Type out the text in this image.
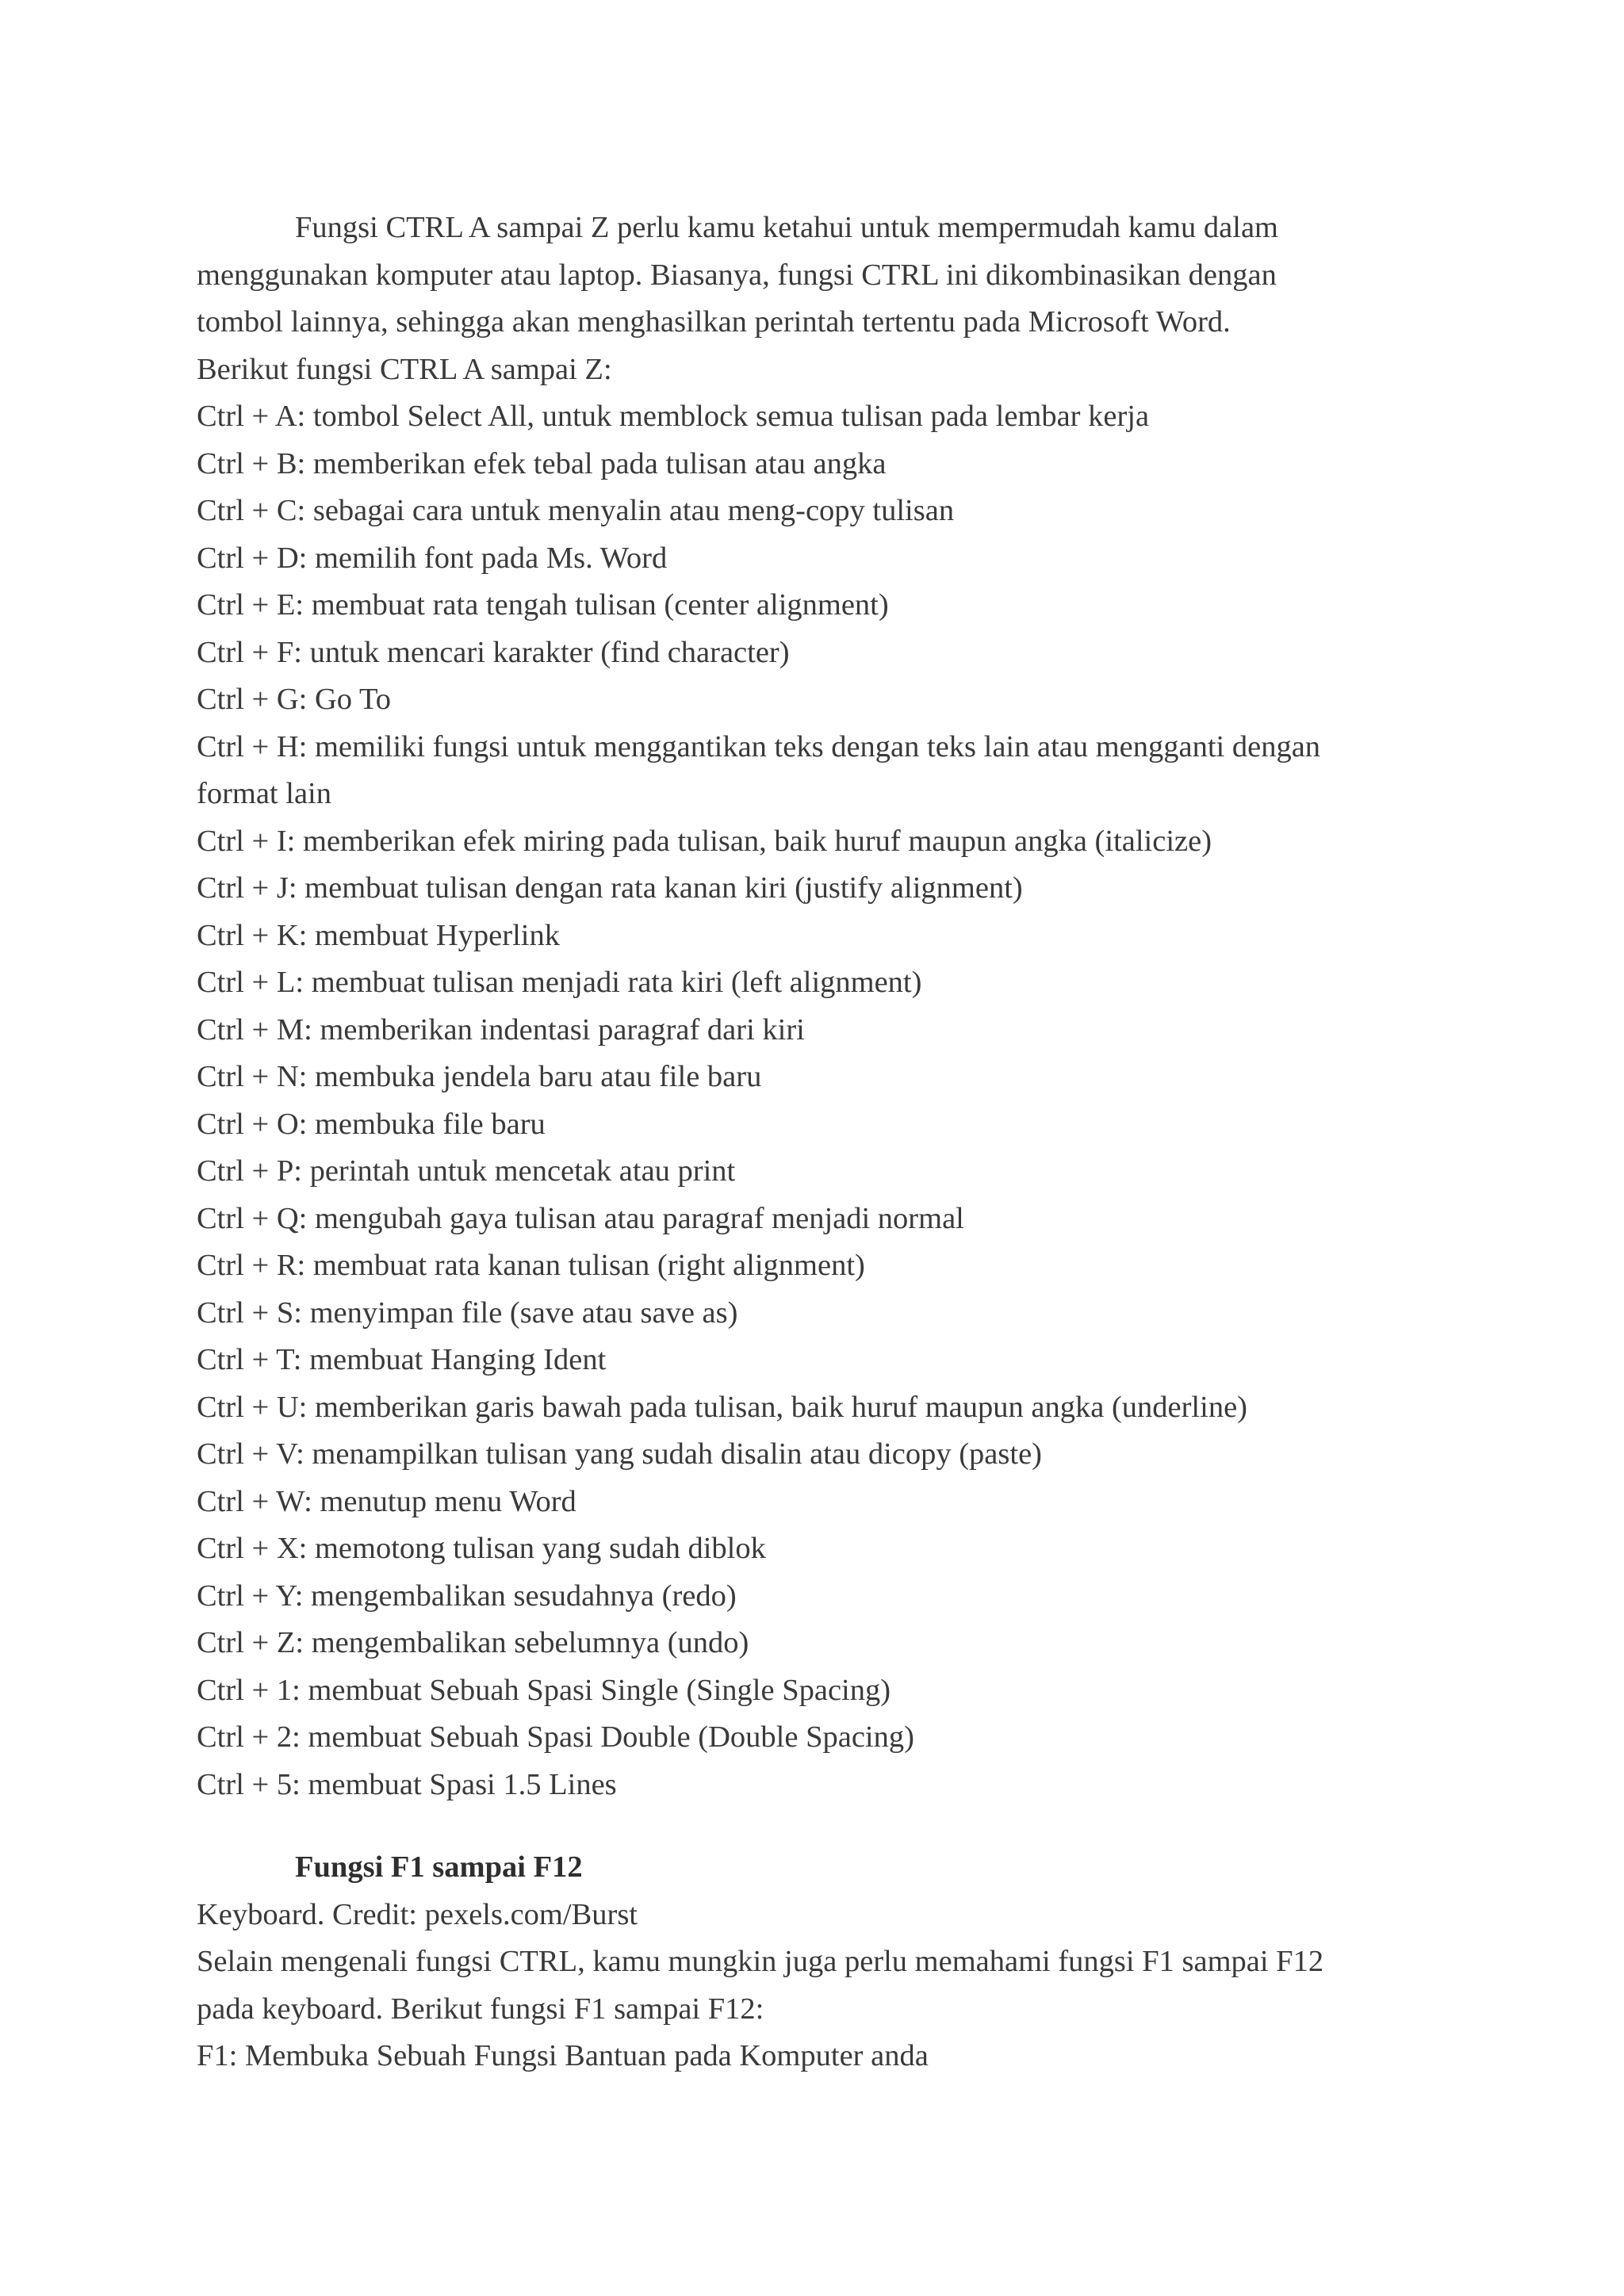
Fungsi CTRL A sampai Z perlu kamu ketahui untuk mempermudah kamu dalam
menggunakan komputer atau laptop. Biasanya, fungsi CTRL ini dikombinasikan dengan
tombol lainnya, sehingga akan menghasilkan perintah tertentu pada Microsoft Word.
Berikut fungsi CTRL A sampai Z:
Ctrl + A: tombol Select All, untuk memblock semua tulisan pada lembar kerja
Ctrl + B: memberikan efek tebal pada tulisan atau angka
Ctrl + C: sebagai cara untuk menyalin atau meng-copy tulisan
Ctrl + D: memilih font pada Ms. Word
Ctrl + E: membuat rata tengah tulisan (center alignment)
Ctrl + F: untuk mencari karakter (find character)
Ctrl + G: Go To
Ctrl + H: memiliki fungsi untuk menggantikan teks dengan teks lain atau mengganti dengan
format lain
Ctrl + I: memberikan efek miring pada tulisan, baik huruf maupun angka (italicize)
Ctrl + J: membuat tulisan dengan rata kanan kiri (justify alignment)
Ctrl + K: membuat Hyperlink
Ctrl + L: membuat tulisan menjadi rata kiri (left alignment)
Ctrl + M: memberikan indentasi paragraf dari kiri
Ctrl + N: membuka jendela baru atau file baru
Ctrl + O: membuka file baru
Ctrl + P: perintah untuk mencetak atau print
Ctrl + Q: mengubah gaya tulisan atau paragraf menjadi normal
Ctrl + R: membuat rata kanan tulisan (right alignment)
Ctrl + S: menyimpan file (save atau save as)
Ctrl + T: membuat Hanging Ident
Ctrl + U: memberikan garis bawah pada tulisan, baik huruf maupun angka (underline)
Ctrl + V: menampilkan tulisan yang sudah disalin atau dicopy (paste)
Ctrl + W: menutup menu Word
Ctrl + X: memotong tulisan yang sudah diblok
Ctrl + Y: mengembalikan sesudahnya (redo)
Ctrl + Z: mengembalikan sebelumnya (undo)
Ctrl + 1: membuat Sebuah Spasi Single (Single Spacing)
Ctrl + 2: membuat Sebuah Spasi Double (Double Spacing)
Ctrl + 5: membuat Spasi 1.5 Lines
Fungsi F1 sampai F12
Keyboard. Credit: pexels.com/Burst
Selain mengenali fungsi CTRL, kamu mungkin juga perlu memahami fungsi F1 sampai F12
pada keyboard. Berikut fungsi F1 sampai F12:
F1: Membuka Sebuah Fungsi Bantuan pada Komputer anda
